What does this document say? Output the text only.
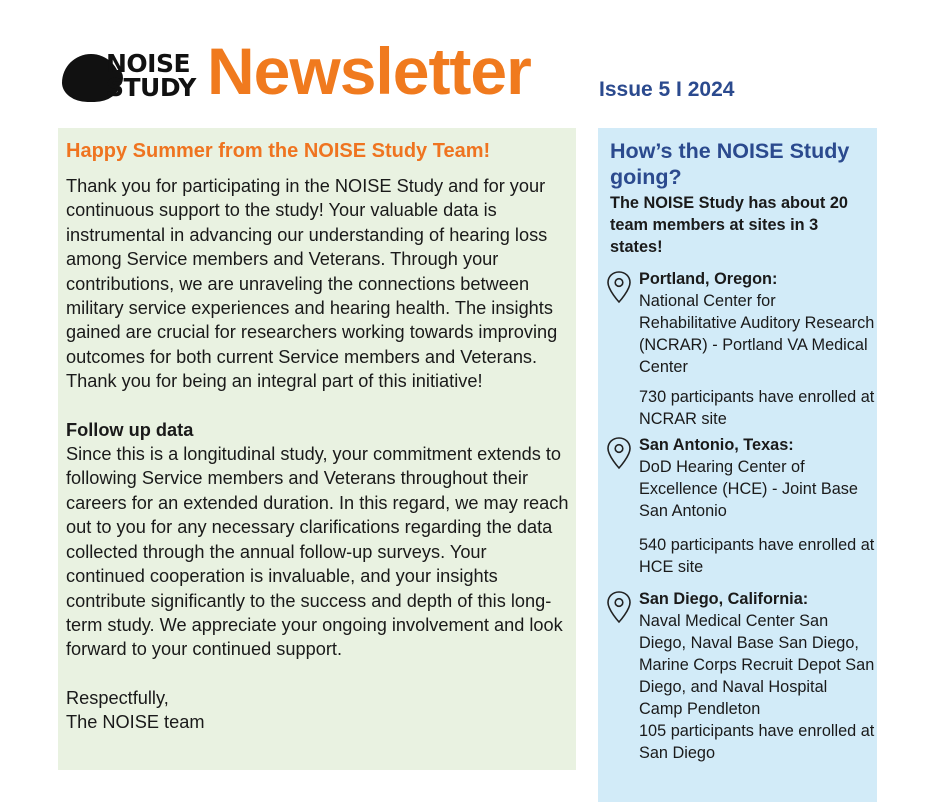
NOISE
STUDY Newsletter	Issue 5 I 2024
Happy Summer from the NOISE Study Team!

Thank you for participating in the NOISE Study and for your continuous support to the study! Your valuable data is instrumental in advancing our understanding of hearing loss among Service members and Veterans. Through your contributions, we are unraveling the connections between military service experiences and hearing health. The insights gained are crucial for researchers working towards improving outcomes for both current Service members and Veterans. Thank you for being an integral part of this initiative!

Follow up data

Since this is a longitudinal study, your commitment extends to following Service members and Veterans throughout their careers for an extended duration. In this regard, we may reach out to you for any necessary clarifications regarding the data collected through the annual follow-up surveys. Your continued cooperation is invaluable, and your insights contribute significantly to the success and depth of this long-term study. We appreciate your ongoing involvement and look forward to your continued support.

Respectfully,

The NOISE team

How’s the NOISE Study going?
The NOISE Study has about 20 team members at sites in 3 states!
Portland, Oregon:
National Center for Rehabilitative Auditory Research (NCRAR) - Portland VA Medical Center
730 participants have enrolled at NCRAR site
San Antonio, Texas:
DoD Hearing Center of Excellence (HCE) - Joint Base San Antonio
540 participants have enrolled at HCE site
San Diego, California:
Naval Medical Center San Diego, Naval Base San Diego, Marine Corps Recruit Depot San Diego, and Naval Hospital Camp Pendleton
105 participants have enrolled at San Diego
